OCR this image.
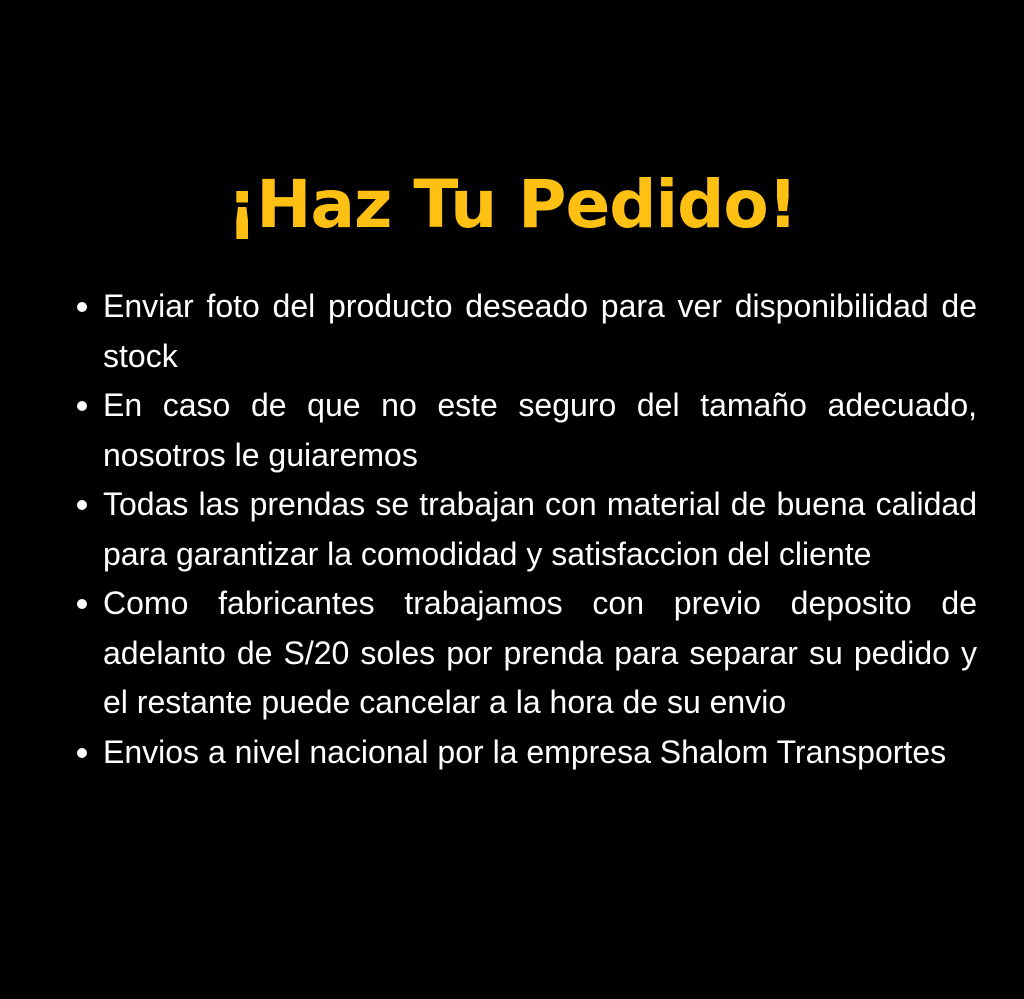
¡Haz Tu Pedido!
Enviar foto del producto deseado para ver disponibilidad de stock
En caso de que no este seguro del tamaño adecuado, nosotros le guiaremos
Todas las prendas se trabajan con material de buena calidad para garantizar la comodidad y satisfaccion del cliente
Como fabricantes trabajamos con previo deposito de adelanto de S/20 soles por prenda para separar su pedido y el restante puede cancelar a la hora de su envio
Envios a nivel nacional por la empresa Shalom Transportes
